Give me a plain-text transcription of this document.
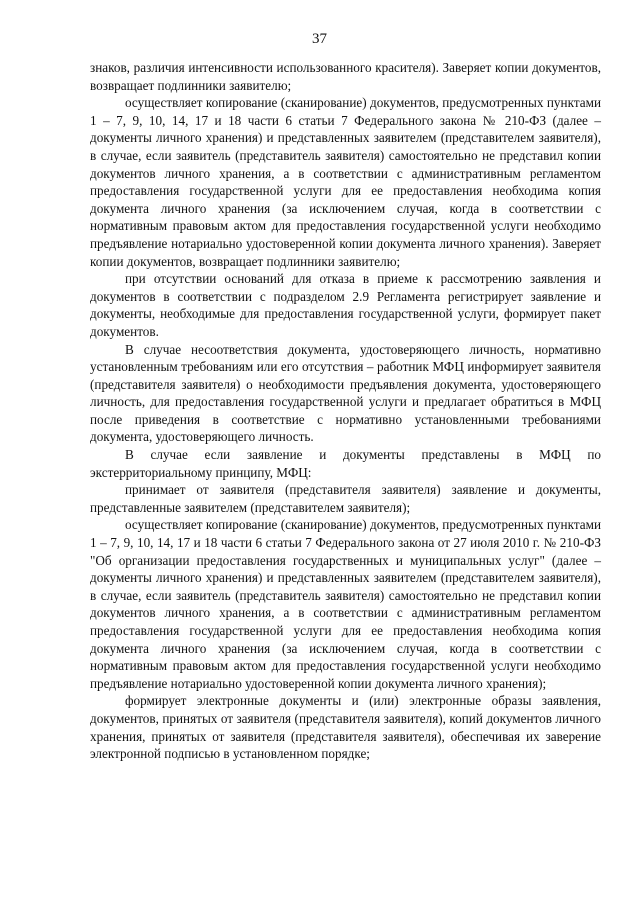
37

знаков, различия интенсивности использованного красителя). Заверяет копии документов, возвращает подлинники заявителю;

осуществляет копирование (сканирование) документов, предусмотренных пунктами 1 – 7, 9, 10, 14, 17 и 18 части 6 статьи 7 Федерального закона № 210-ФЗ (далее – документы личного хранения) и представленных заявителем (представителем заявителя), в случае, если заявитель (представитель заявителя) самостоятельно не представил копии документов личного хранения, а в соответствии с административным регламентом предоставления государственной услуги для ее предоставления необходима копия документа личного хранения (за исключением случая, когда в соответствии с нормативным правовым актом для предоставления государственной услуги необходимо предъявление нотариально удостоверенной копии документа личного хранения). Заверяет копии документов, возвращает подлинники заявителю;

при отсутствии оснований для отказа в приеме к рассмотрению заявления и документов в соответствии с подразделом 2.9 Регламента регистрирует заявление и документы, необходимые для предоставления государственной услуги, формирует пакет документов.

В случае несоответствия документа, удостоверяющего личность, нормативно установленным требованиям или его отсутствия – работник МФЦ информирует заявителя (представителя заявителя) о необходимости предъявления документа, удостоверяющего личность, для предоставления государственной услуги и предлагает обратиться в МФЦ после приведения в соответствие с нормативно установленными требованиями документа, удостоверяющего личность.

В случае если заявление и документы представлены в МФЦ по экстерриториальному принципу, МФЦ:

принимает от заявителя (представителя заявителя) заявление и документы, представленные заявителем (представителем заявителя);

осуществляет копирование (сканирование) документов, предусмотренных пунктами 1 – 7, 9, 10, 14, 17 и 18 части 6 статьи 7 Федерального закона от 27 июля 2010 г. № 210-ФЗ "Об организации предоставления государственных и муниципальных услуг" (далее – документы личного хранения) и представленных заявителем (представителем заявителя), в случае, если заявитель (представитель заявителя) самостоятельно не представил копии документов личного хранения, а в соответствии с административным регламентом предоставления государственной услуги для ее предоставления необходима копия документа личного хранения (за исключением случая, когда в соответствии с нормативным правовым актом для предоставления государственной услуги необходимо предъявление нотариально удостоверенной копии документа личного хранения);

формирует электронные документы и (или) электронные образы заявления, документов, принятых от заявителя (представителя заявителя), копий документов личного хранения, принятых от заявителя (представителя заявителя), обеспечивая их заверение электронной подписью в установленном порядке;
